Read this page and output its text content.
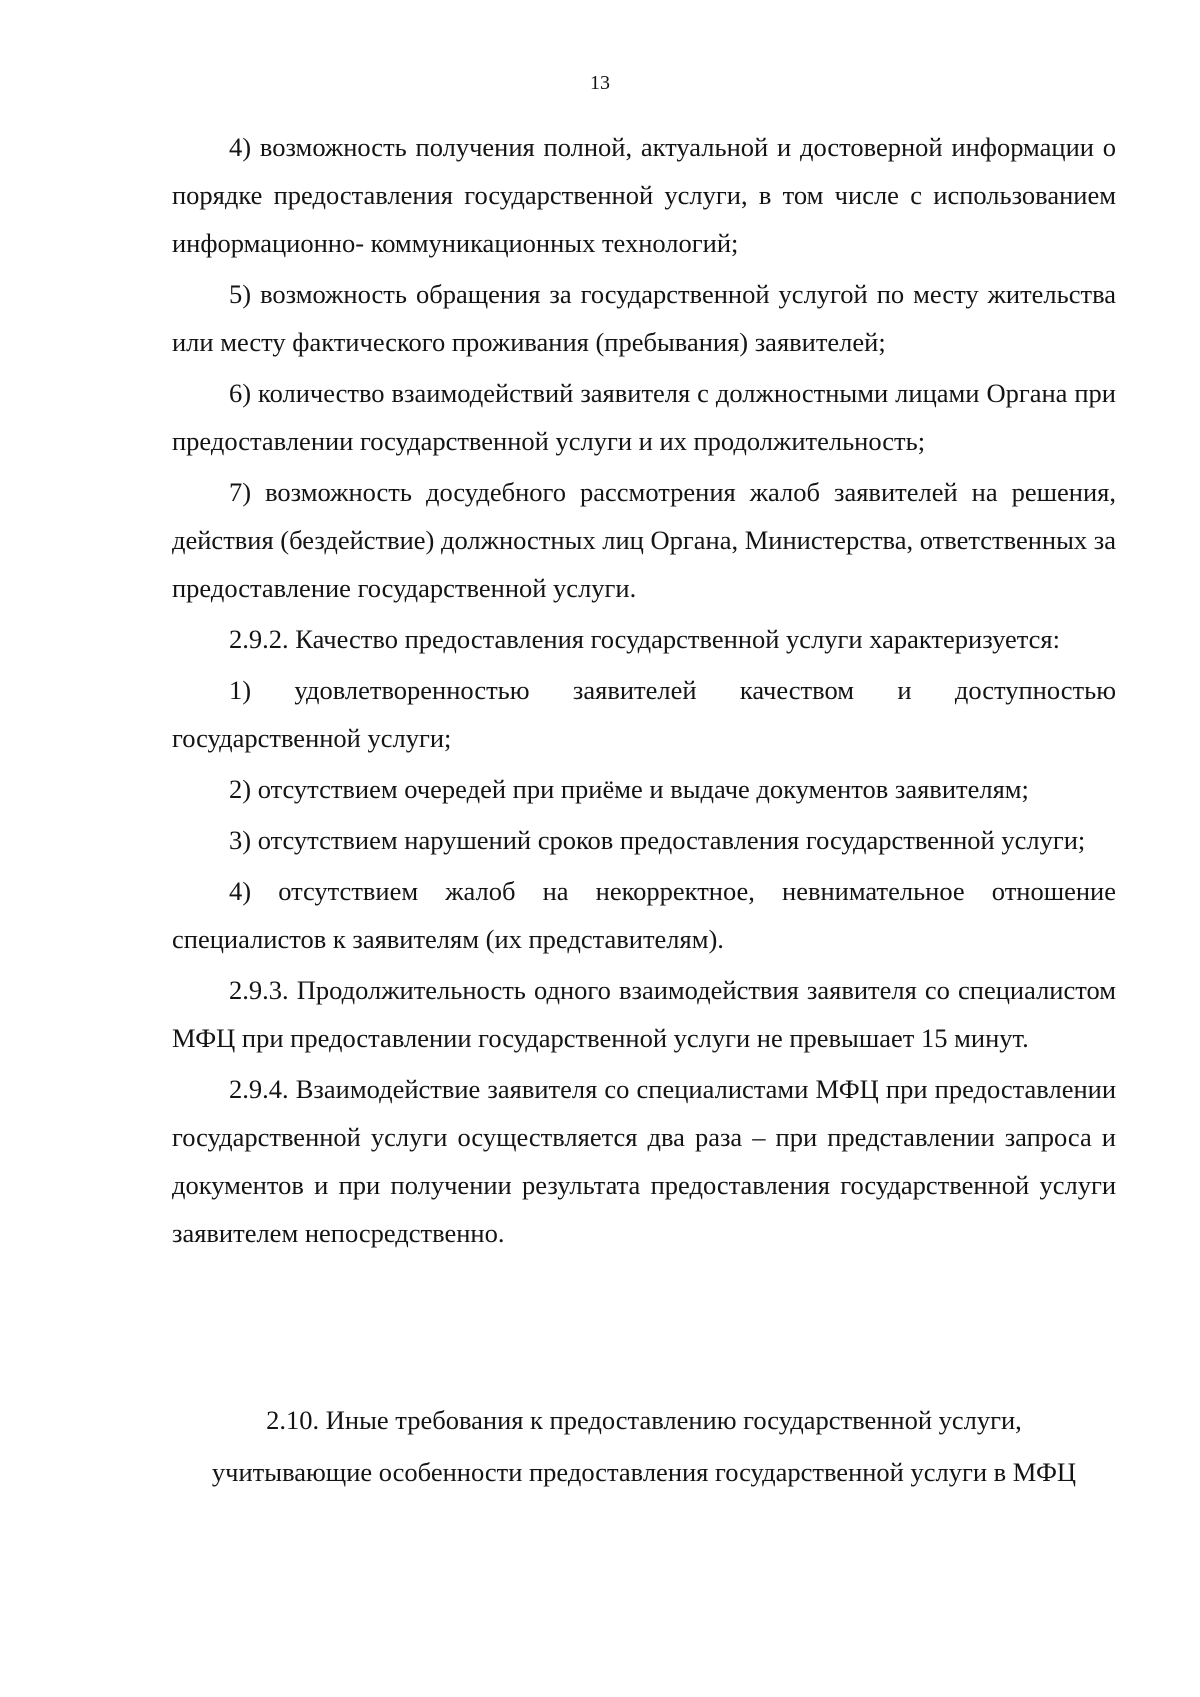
13

4) возможность получения полной, актуальной и достоверной информации о порядке предоставления государственной услуги, в том числе с использованием информационно- коммуникационных технологий;

5) возможность обращения за государственной услугой по месту жительства или месту фактического проживания (пребывания) заявителей;

6) количество взаимодействий заявителя с должностными лицами Органа при предоставлении государственной услуги и их продолжительность;

7) возможность досудебного рассмотрения жалоб заявителей на решения, действия (бездействие) должностных лиц Органа, Министерства, ответственных за предоставление государственной услуги.

2.9.2. Качество предоставления государственной услуги характеризуется:

1) удовлетворенностью заявителей качеством и доступностью государственной услуги;

2) отсутствием очередей при приёме и выдаче документов заявителям;

3) отсутствием нарушений сроков предоставления государственной услуги;

4) отсутствием жалоб на некорректное, невнимательное отношение специалистов к заявителям (их представителям).

2.9.3. Продолжительность одного взаимодействия заявителя со специалистом МФЦ при предоставлении государственной услуги не превышает 15 минут.

2.9.4. Взаимодействие заявителя со специалистами МФЦ при предоставлении государственной услуги осуществляется два раза – при представлении запроса и документов и при получении результата предоставления государственной услуги заявителем непосредственно.

2.10. Иные требования к предоставлению государственной услуги,
учитывающие особенности предоставления государственной услуги в МФЦ
